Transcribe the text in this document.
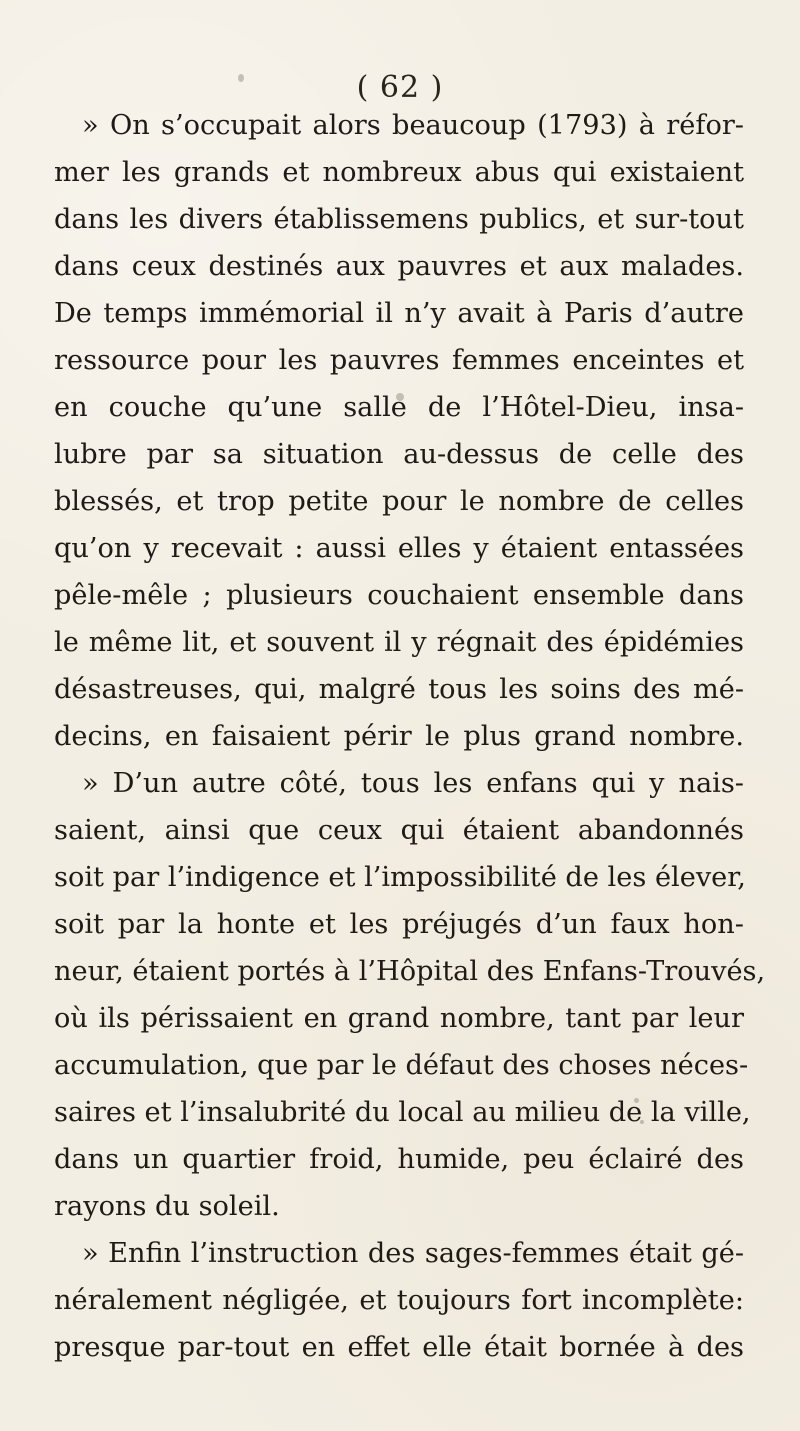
( 62 )
» On s’occupait alors beaucoup (1793) à réfor-
mer les grands et nombreux abus qui existaient
dans les divers établissemens publics, et sur-tout
dans ceux destinés aux pauvres et aux malades.
De temps immémorial il n’y avait à Paris d’autre
ressource pour les pauvres femmes enceintes et
en couche qu’une salle de l’Hôtel-Dieu, insa-
lubre par sa situation au-dessus de celle des
blessés, et trop petite pour le nombre de celles
qu’on y recevait : aussi elles y étaient entassées
pêle-mêle ; plusieurs couchaient ensemble dans
le même lit, et souvent il y régnait des épidémies
désastreuses, qui, malgré tous les soins des mé-
decins, en faisaient périr le plus grand nombre.
» D’un autre côté, tous les enfans qui y nais-
saient, ainsi que ceux qui étaient abandonnés
soit par l’indigence et l’impossibilité de les élever,
soit par la honte et les préjugés d’un faux hon-
neur, étaient portés à l’Hôpital des Enfans-Trouvés,
où ils périssaient en grand nombre, tant par leur
accumulation, que par le défaut des choses néces-
saires et l’insalubrité du local au milieu de la ville,
dans un quartier froid, humide, peu éclairé des
rayons du soleil.
» Enfin l’instruction des sages-femmes était gé-
néralement négligée, et toujours fort incomplète:
presque par-tout en effet elle était bornée à des
